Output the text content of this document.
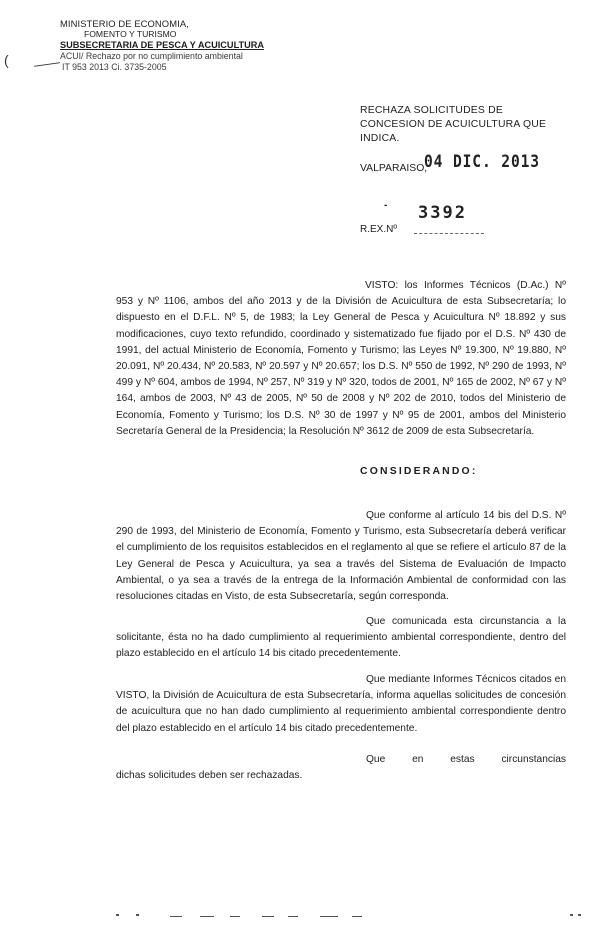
(
MINISTERIO DE ECONOMIA,
FOMENTO Y TURISMO
SUBSECRETARIA DE PESCA Y ACUICULTURA
ACUI/ Rechazo por no cumplimiento ambiental
IT 953 2013 Ci. 3735-2005
RECHAZA SOLICITUDES DE CONCESION DE ACUICULTURA QUE INDICA.
VALPARAISO,
04 DIC. 2013
- 3392
R.EX.Nº
VISTO: los Informes Técnicos (D.Ac.) Nº 953 y Nº 1106, ambos del año 2013 y de la División de Acuicultura de esta Subsecretaría; lo dispuesto en el D.F.L. Nº 5, de 1983; la Ley General de Pesca y Acuicultura Nº 18.892 y sus modificaciones, cuyo texto refundido, coordinado y sistematizado fue fijado por el D.S. Nº 430 de 1991, del actual Ministerio de Economía, Fomento y Turismo; las Leyes Nº 19.300, Nº 19.880, Nº 20.091, Nº 20.434, Nº 20.583, Nº 20.597 y Nº 20.657; los D.S. Nº 550 de 1992, Nº 290 de 1993, Nº 499 y Nº 604, ambos de 1994, Nº 257, Nº 319 y Nº 320, todos de 2001, Nº 165 de 2002, Nº 67 y Nº 164, ambos de 2003, Nº 43 de 2005, Nº 50 de 2008 y Nº 202 de 2010, todos del Ministerio de Economía, Fomento y Turismo; los D.S. Nº 30 de 1997 y Nº 95 de 2001, ambos del Ministerio Secretaría General de la Presidencia; la Resolución Nº 3612 de 2009 de esta Subsecretaría.
CONSIDERANDO:
Que conforme al artículo 14 bis del D.S. Nº 290 de 1993, del Ministerio de Economía, Fomento y Turismo, esta Subsecretaría deberá verificar el cumplimiento de los requisitos establecidos en el reglamento al que se refiere el artículo 87 de la Ley General de Pesca y Acuicultura, ya sea a través del Sistema de Evaluación de Impacto Ambiental, o ya sea a través de la entrega de la Información Ambiental de conformidad con las resoluciones citadas en Visto, de esta Subsecretaría, según corresponda.
Que comunicada esta circunstancia a la solicitante, ésta no ha dado cumplimiento al requerimiento ambiental correspondiente, dentro del plazo establecido en el artículo 14 bis citado precedentemente.
Que mediante Informes Técnicos citados en VISTO, la División de Acuicultura de esta Subsecretaría, informa aquellas solicitudes de concesión de acuicultura que no han dado cumplimiento al requerimiento ambiental correspondiente dentro del plazo establecido en el artículo 14 bis citado precedentemente.
Que en estas circunstancias dichas solicitudes deben ser rechazadas.
